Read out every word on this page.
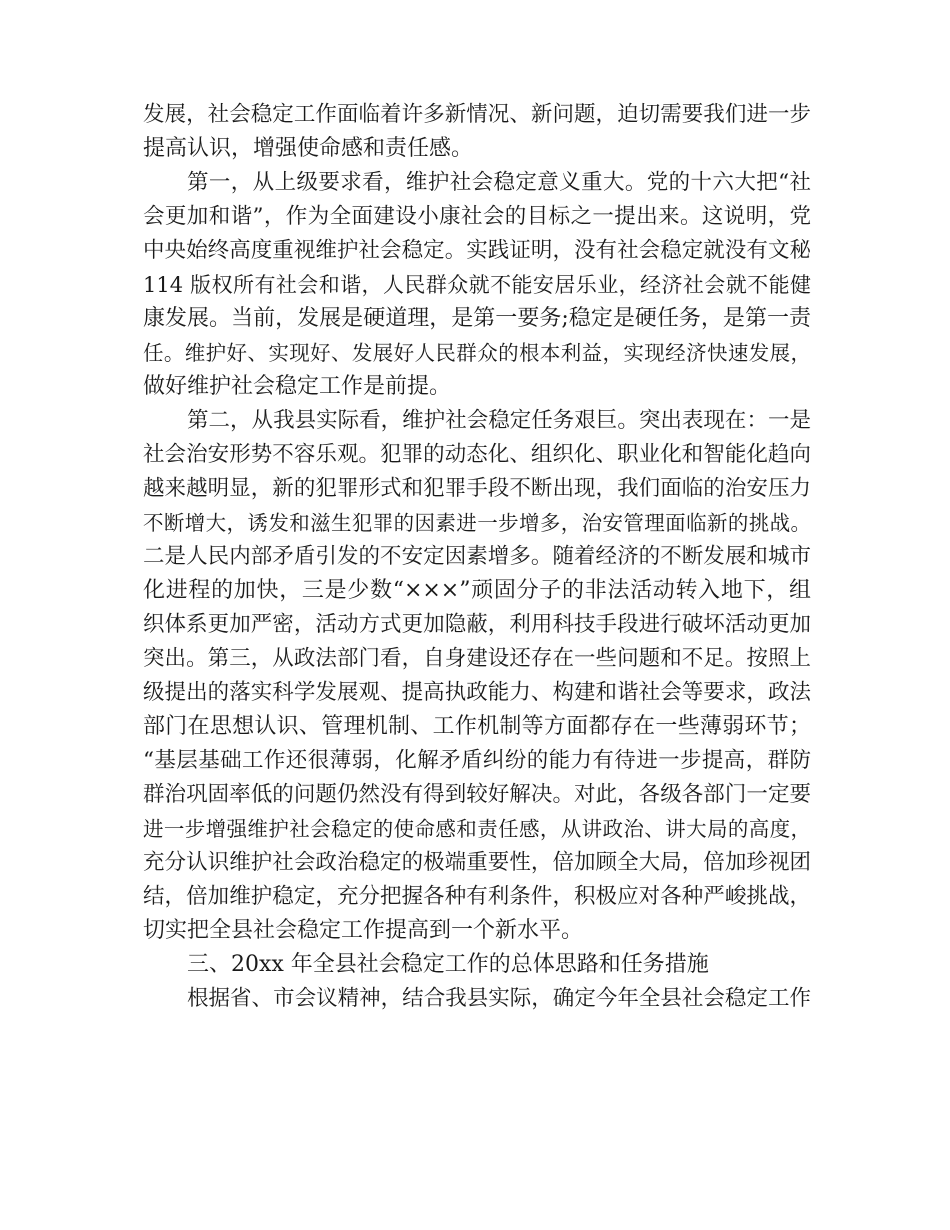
发展，社会稳定工作面临着许多新情况、新问题，迫切需要我们进一步
提高认识，增强使命感和责任感。
第一，从上级要求看，维护社会稳定意义重大。党的十六大把“社
会更加和谐”，作为全面建设小康社会的目标之一提出来。这说明，党
中央始终高度重视维护社会稳定。实践证明，没有社会稳定就没有文秘
114 版权所有社会和谐，人民群众就不能安居乐业，经济社会就不能健
康发展。当前，发展是硬道理，是第一要务;稳定是硬任务，是第一责
任。维护好、实现好、发展好人民群众的根本利益，实现经济快速发展，
做好维护社会稳定工作是前提。
第二，从我县实际看，维护社会稳定任务艰巨。突出表现在：一是
社会治安形势不容乐观。犯罪的动态化、组织化、职业化和智能化趋向
越来越明显，新的犯罪形式和犯罪手段不断出现，我们面临的治安压力
不断增大，诱发和滋生犯罪的因素进一步增多，治安管理面临新的挑战。
二是人民内部矛盾引发的不安定因素增多。随着经济的不断发展和城市
化进程的加快，三是少数“×××”顽固分子的非法活动转入地下，组
织体系更加严密，活动方式更加隐蔽，利用科技手段进行破坏活动更加
突出。第三，从政法部门看，自身建设还存在一些问题和不足。按照上
级提出的落实科学发展观、提高执政能力、构建和谐社会等要求，政法
部门在思想认识、管理机制、工作机制等方面都存在一些薄弱环节；
“基层基础工作还很薄弱，化解矛盾纠纷的能力有待进一步提高，群防
群治巩固率低的问题仍然没有得到较好解决。对此，各级各部门一定要
进一步增强维护社会稳定的使命感和责任感，从讲政治、讲大局的高度，
充分认识维护社会政治稳定的极端重要性，倍加顾全大局，倍加珍视团
结，倍加维护稳定，充分把握各种有利条件，积极应对各种严峻挑战，
切实把全县社会稳定工作提高到一个新水平。
三、20xx 年全县社会稳定工作的总体思路和任务措施
根据省、市会议精神，结合我县实际，确定今年全县社会稳定工作
